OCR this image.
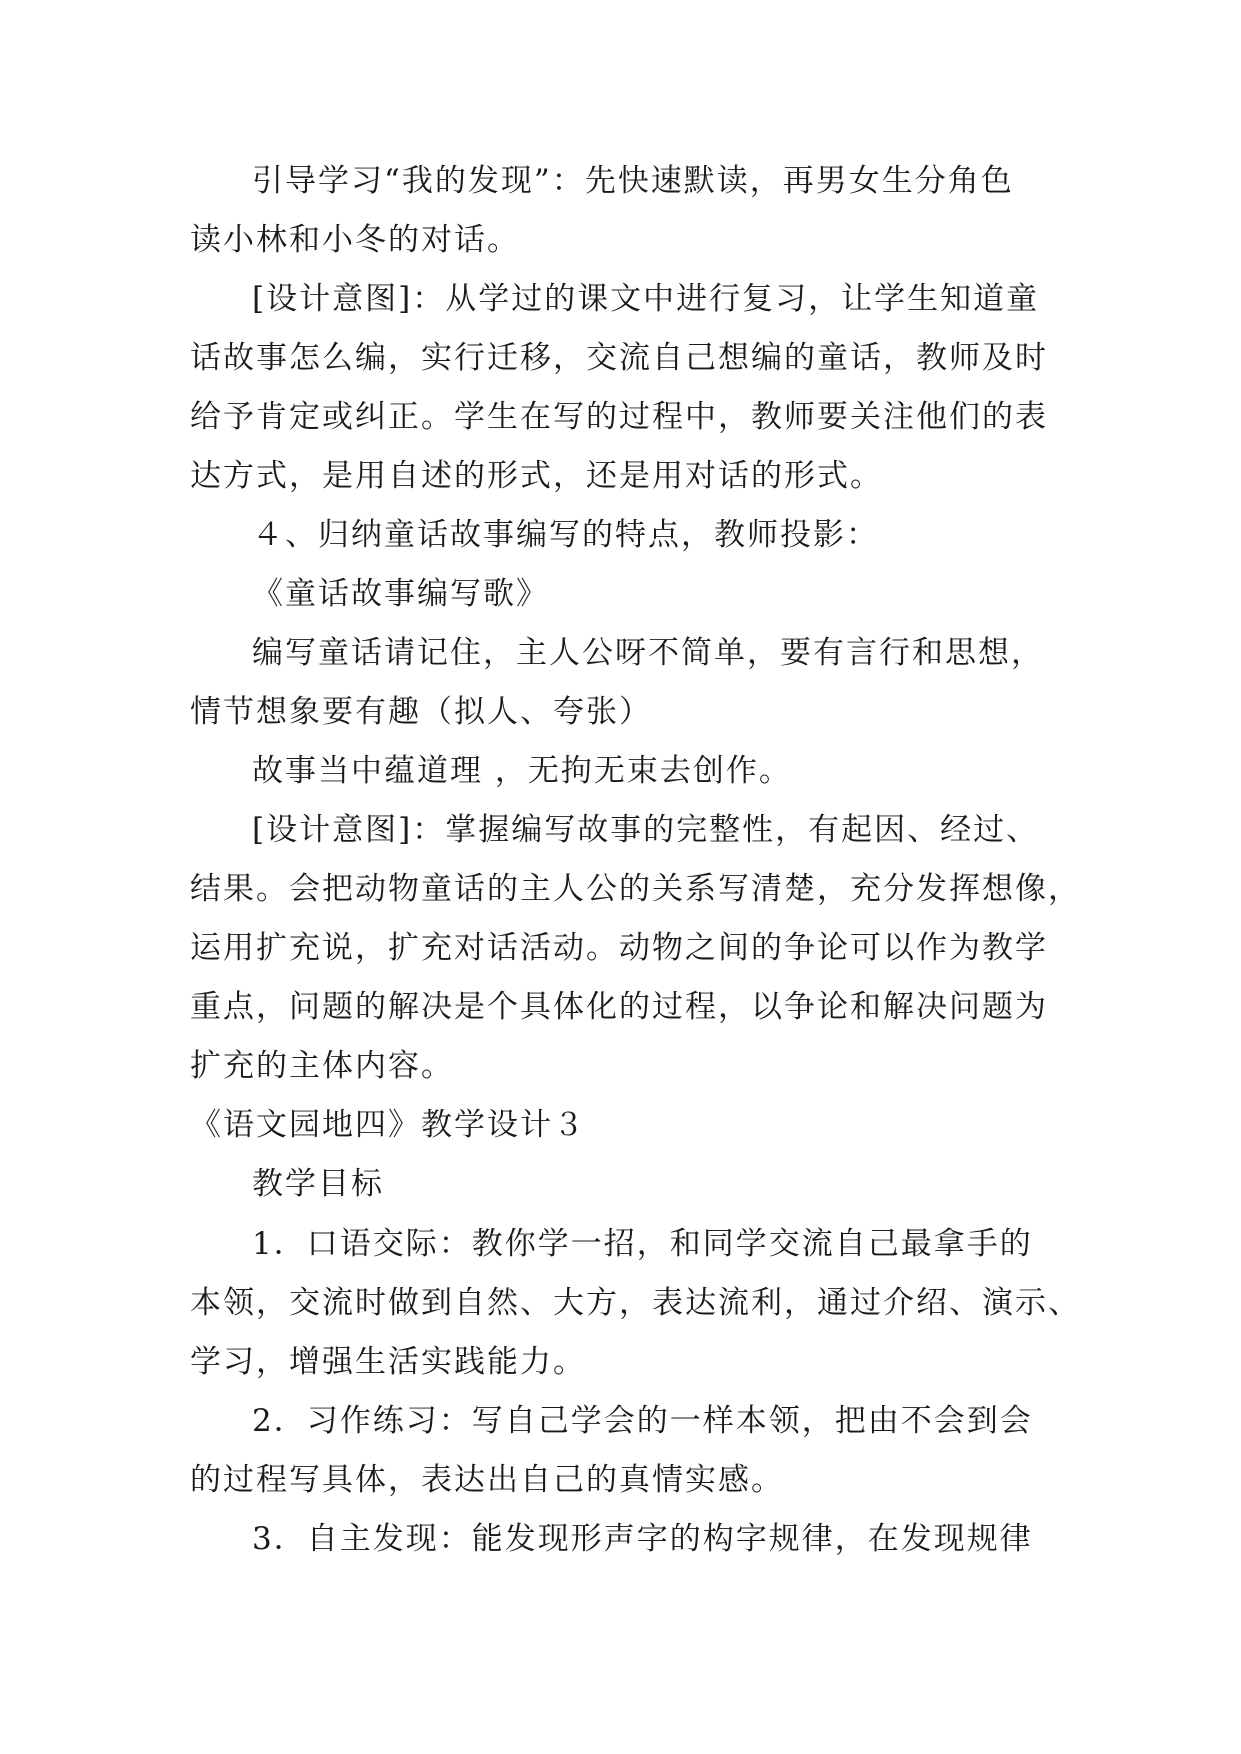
引导学习“我的发现”：先快速默读，再男女生分角色
读小林和小冬的对话。
[设计意图]：从学过的课文中进行复习，让学生知道童
话故事怎么编，实行迁移，交流自己想编的童话，教师及时
给予肯定或纠正。学生在写的过程中，教师要关注他们的表
达方式，是用自述的形式，还是用对话的形式。
４、归纳童话故事编写的特点，教师投影：
《童话故事编写歌》
编写童话请记住，主人公呀不简单，要有言行和思想，
情节想象要有趣（拟人、夸张）
故事当中蕴道理 ，无拘无束去创作。
[设计意图]：掌握编写故事的完整性，有起因、经过、
结果。会把动物童话的主人公的关系写清楚，充分发挥想像，
运用扩充说，扩充对话活动。动物之间的争论可以作为教学
重点，问题的解决是个具体化的过程，以争论和解决问题为
扩充的主体内容。
《语文园地四》教学设计３
教学目标
1．口语交际：教你学一招，和同学交流自己最拿手的
本领，交流时做到自然、大方，表达流利，通过介绍、演示、
学习，增强生活实践能力。
2．习作练习：写自己学会的一样本领，把由不会到会
的过程写具体，表达出自己的真情实感。
3．自主发现：能发现形声字的构字规律，在发现规律
